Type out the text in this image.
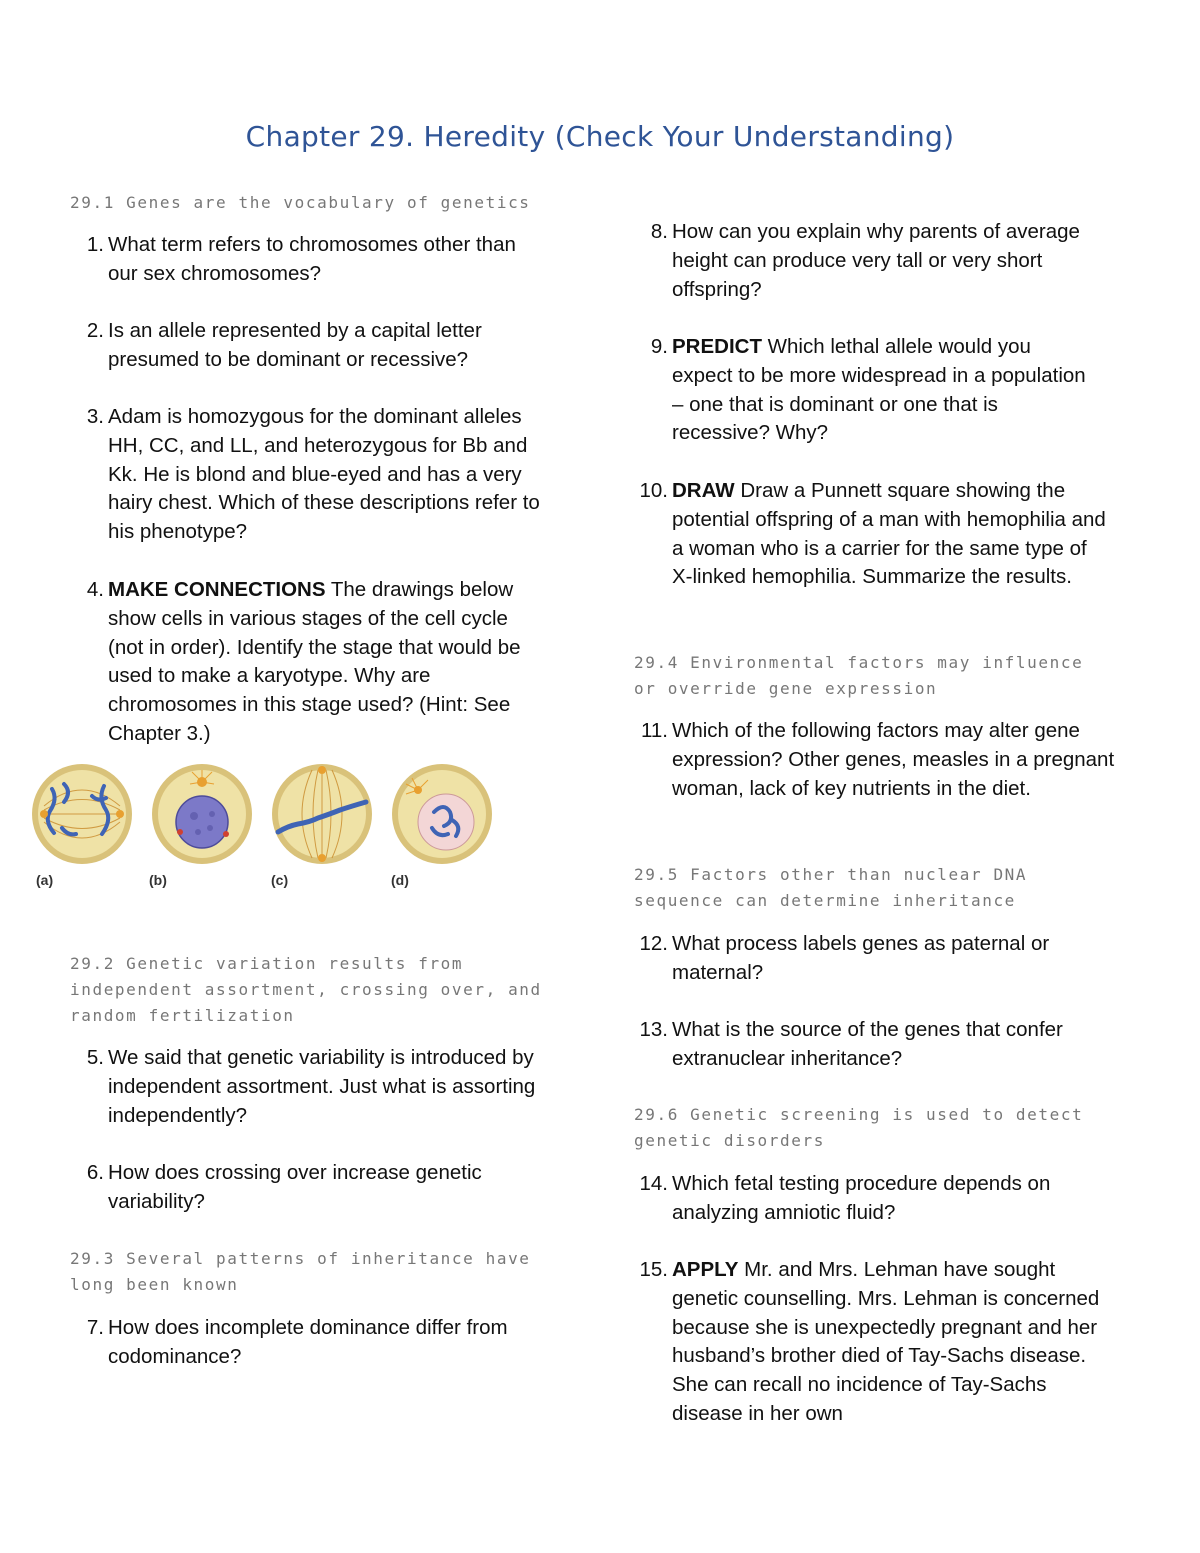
Chapter 29. Heredity (Check Your Understanding)
29.1 Genes are the vocabulary of genetics
1. What term refers to chromosomes other than our sex chromosomes?
2. Is an allele represented by a capital letter presumed to be dominant or recessive?
3. Adam is homozygous for the dominant alleles HH, CC, and LL, and heterozygous for Bb and Kk. He is blond and blue-eyed and has a very hairy chest. Which of these descriptions refer to his phenotype?
4. MAKE CONNECTIONS The drawings below show cells in various stages of the cell cycle (not in order). Identify the stage that would be used to make a karyotype. Why are chromosomes in this stage used? (Hint: See Chapter 3.)
(a)	(b)	(c)	(d)
29.2 Genetic variation results from independent assortment, crossing over, and random fertilization
5. We said that genetic variability is introduced by independent assortment. Just what is assorting independently?
6. How does crossing over increase genetic variability?
29.3 Several patterns of inheritance have long been known
7. How does incomplete dominance differ from codominance?
8. How can you explain why parents of average height can produce very tall or very short offspring?
9. PREDICT Which lethal allele would you expect to be more widespread in a population – one that is dominant or one that is recessive? Why?
10. DRAW Draw a Punnett square showing the potential offspring of a man with hemophilia and a woman who is a carrier for the same type of X-linked hemophilia. Summarize the results.
29.4 Environmental factors may influence or override gene expression
11. Which of the following factors may alter gene expression? Other genes, measles in a pregnant woman, lack of key nutrients in the diet.
29.5 Factors other than nuclear DNA sequence can determine inheritance
12. What process labels genes as paternal or maternal?
13. What is the source of the genes that confer extranuclear inheritance?
29.6 Genetic screening is used to detect genetic disorders
14. Which fetal testing procedure depends on analyzing amniotic fluid?
15. APPLY Mr. and Mrs. Lehman have sought genetic counselling. Mrs. Lehman is concerned because she is unexpectedly pregnant and her husband’s brother died of Tay-Sachs disease. She can recall no incidence of Tay-Sachs disease in her own
